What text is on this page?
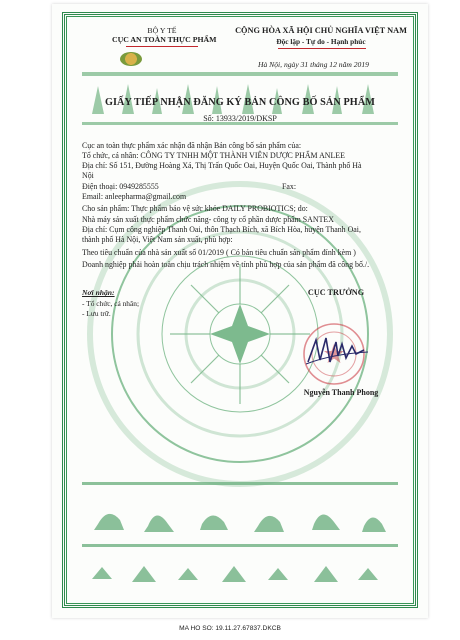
BỘ Y TẾ
CỤC AN TOÀN THỰC PHẨM
CỘNG HÒA XÃ HỘI CHỦ NGHĨA VIỆT NAM
Độc lập - Tự do - Hạnh phúc
Hà Nội, ngày 31 tháng 12 năm 2019
GIẤY TIẾP NHẬN ĐĂNG KÝ BẢN CÔNG BỐ SẢN PHẨM
Số: 13933/2019/DKSP
Cục an toàn thực phẩm xác nhận đã nhận Bản công bố sản phẩm của:
Tổ chức, cá nhân: CÔNG TY TNHH MỘT THÀNH VIÊN DƯỢC PHẨM ANLEE
Địa chỉ: Số 151, Đường Hoàng Xá, Thị Trấn Quốc Oai, Huyện Quốc Oai, Thành phố Hà
Nội
Điện thoại: 0949285555	Fax:
Email: anleepharma@gmail.com
Cho sản phẩm: Thực phẩm bảo vệ sức khỏe DAILY PROBIOTICS; do:
Nhà máy sản xuất thực phẩm chức năng- công ty cổ phần dược phẩm SANTEX
Địa chỉ: Cụm công nghiệp Thanh Oai, thôn Thạch Bích, xã Bích Hòa, huyện Thanh Oai,
thành phố Hà Nội, Việt Nam sản xuất, phù hợp:
Theo tiêu chuẩn của nhà sản xuất số 01/2019 ( Có bản tiêu chuẩn sản phẩm đính kèm )
Doanh nghiệp phải hoàn toàn chịu trách nhiệm về tính phù hợp của sản phẩm đã công bố./.
Nơi nhận:
- Tổ chức, cá nhân;
- Lưu trữ.
CỤC TRƯỞNG
Nguyễn Thanh Phong
MA HO SO: 19.11.27.67837.DKCB
